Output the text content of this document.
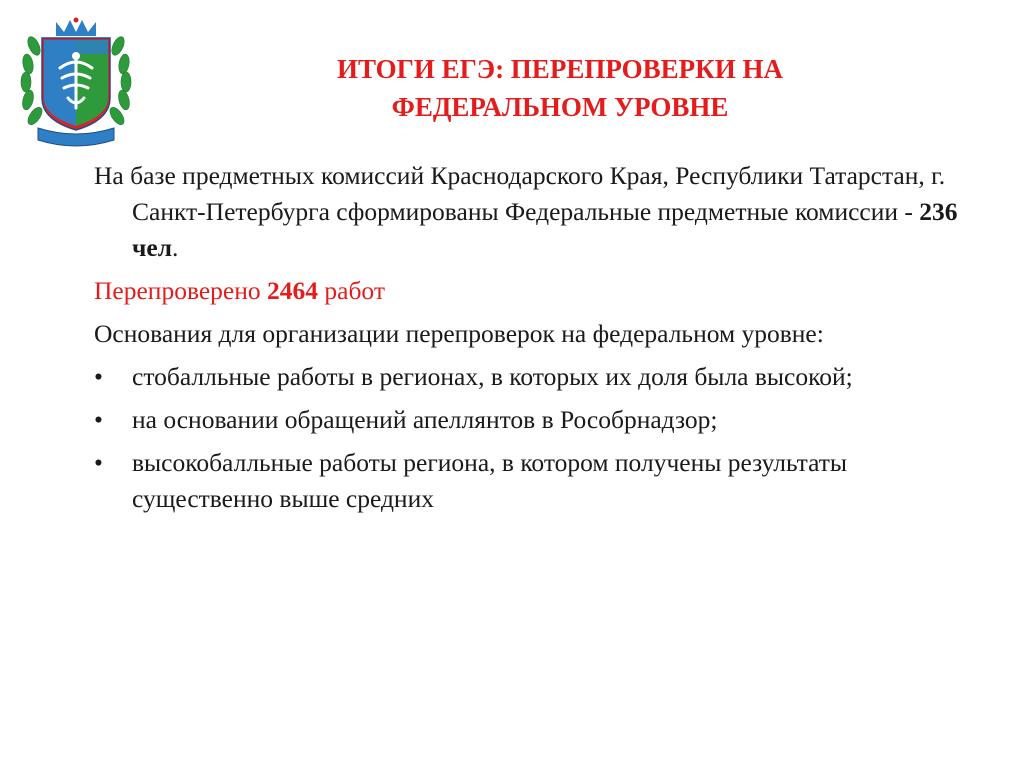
ИТОГИ ЕГЭ: ПЕРЕПРОВЕРКИ НА
ФЕДЕРАЛЬНОМ УРОВНЕ

На базе предметных комиссий Краснодарского Края, Республики Татарстан, г. Санкт-Петербурга сформированы Федеральные предметные комиссии - 236 чел.

Перепроверено 2464 работ

Основания для организации перепроверок на федеральном уровне:

• стобалльные работы в регионах, в которых их доля была высокой;
• на основании обращений апеллянтов в Рособрнадзор;
• высокобалльные работы региона, в котором получены результаты существенно выше средних
